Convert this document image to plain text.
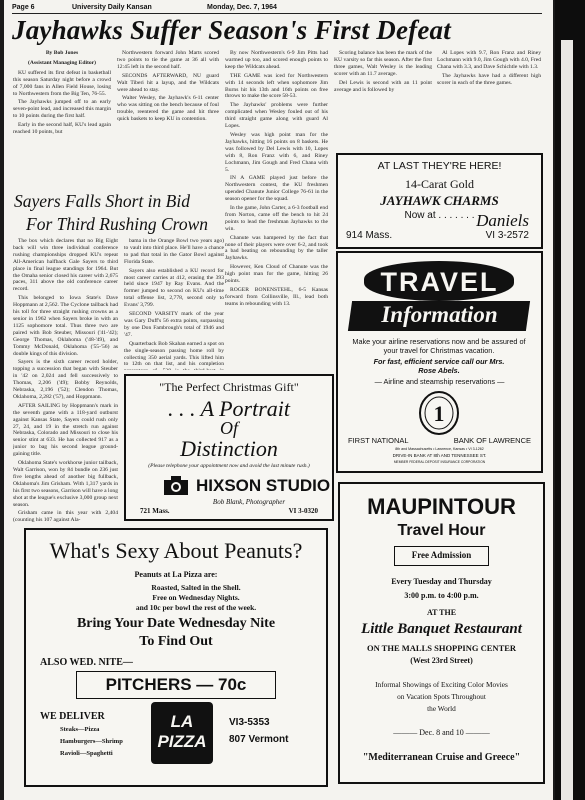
Page 6	University Daily Kansan	Monday, Dec. 7, 1964
Jayhawks Suffer Season's First Defeat

By Bob Jones

(Assistant Managing Editor)

KU suffered its first defeat in basketball this season Saturday night before a crowd of 7,000 fans in Allen Field House, losing to Northwestern from the Big Ten, 76-55.

The Jayhawks jumped off to an early seven-point lead, and increased this margin to 10 points during the first half.

Early in the second half, KU's lead again reached 10 points, but

Northwestern forward John Marts scored two points to tie the game at 36 all with 12:45 left in the second half.

SECONDS AFTERWARD, NU guard Walt Tiberi hit a layup, and the Wildcats were ahead to stay.

Walter Wesley, the Jayhawk's 6-11 center who was sitting on the bench because of foul trouble, reentered the game and hit three quick baskets to keep KU in contention.

By now Northwestern's 6-9 Jim Pitts had warmed up too, and scored enough points to keep the Wildcats ahead.

THE GAME was iced for Northwestern with 14 seconds left when sophomore Jim Burns hit his 13th and 16th points on free throws to make the score 58-53.

The Jayhawks' problems were further complicated when Wesley fouled out of his third straight game along with guard Al Lopes.

Wesley was high point man for the Jayhawks, hitting 16 points on 8 baskets. He was followed by Del Lewis with 10, Lopes with 8, Ron Franz with 6, and Riney Lochmann, Jim Gough and Fred Chana with 5.

IN A GAME played just before the Northwestern contest, the KU freshmen upended Chanute Junior College 76-61 in the season opener for the squad.

In the game, John Carter, a 6-3 football end from Norton, came off the bench to hit 24 points to lead the freshman Jayhawks to the win.

Chanute was hampered by the fact that none of their players were over 6-2, and took a bad beating on rebounding by the taller Jayhawks.

However, Ken Cloud of Chanute was the high point man for the game, hitting 26 points.

ROGER BONENSTEHL, 6-5 Kansas forward from Collinsville, Ill., lead both teams in rebounding with 13.

Scoring balance has been the mark of the KU varsity so far this season. After the first three games, Walt Wesley is the leading scorer with an 11.7 average.

Del Lewis is second with an 11 point average and is followed by

Al Lopes with 9.7, Ron Franz and Riney Lochmann with 9.0, Jim Gough with 4.0, Fred Chana with 3.3, and Dave Schichtle with 1.3.

The Jayhawks have had a different high scorer in each of the three games.

Sayers Falls Short in Bid
For Third Rushing Crown

The box which declares that no Big Eight back will win three individual conference rushing championships dropped KU's repeat All-American halfback Gale Sayers to third place in final league standings for 1964. But the Omaha senior closed his career with 2,675 paces, 311 above the old conference career record.

This belonged to Iowa State's Dave Hoppmann at 2,562. The Cyclone tailback had his toll for three straight rushing crowns as a senior in 1962 when Sayers broke in with an 1125 sophomore total. Thus three two are paired with Bob Steuber, Missouri ('41-'42); George Thomas, Oklahoma ('48-'49), and Tommy McDonald, Oklahoma ('55-'56) as double kings of this division.

Sayers is the sixth career record holder, topping a succession that began with Steuber in '42 on 2,024 and fell successively to Thomas, 2,206 ('49); Bobby Reynolds, Nebraska, 2,196 ('52); Clendon Thomas, Oklahoma, 2,282 ('57), and Hoppmann.

AFTER SAILING by Hoppmann's mark in the seventh game with a 118-yard outburst against Kansas State, Sayers could rush only 27, 24, and 19 in the stretch run against Nebraska, Colorado and Missouri to close his senior stint at 633. He has collected 917 as a junior to bag his second league ground-gaining title.

Oklahoma State's workhorse junior tailback, Walt Garrison, won by 84 bundle on 236 just five lengths ahead of another big fullback, Oklahoma's Jim Grisham. With 1,317 yards in his first two seasons, Garrison will have a long shot at the league's exclusive 3,000 group next season.

Grisham came in this year with 2,404 (counting his 107 against Ala-

bama in the Orange Bowl two years ago) to vault into third place. He'll have a chance to pad that total in the Gator Bowl against Florida State.

Sayers also established a KU record for most career carries at 412, erasing the 393 held since 1947 by Ray Evans. And the former jumped to second on KU's all-time total offense list, 2,778, second only to Evans' 3,799.

SECOND VARSITY mark of the year was Gary Duff's 56 extra points, surpassing by one Don Fambrough's total of 1946 and '47.

Quarterback Bob Skahan earned a spot on the single-season passing home roll by collecting 350 aerial yards. This lifted him to 12th on that list, and his completion

"The Perfect Christmas Gift"
. . . A Portrait
Of
Distinction
(Please telephone your appointment now and avoid the last minute rush.)
HIXSON STUDIO
Bob Blank, Photographer
721 Mass.	VI 3-0320
AT LAST THEY'RE HERE!
14-Carat Gold
JAYHAWK CHARMS
Now at . . . . . . . Daniels
914 Mass.	VI 3-2572
TRAVEL
Information
Make your airline reservations now and be assured of your travel for Christmas vacation.
For fast, efficient service call our Mrs. Rose Abels.
— Airline and steamship reservations —
1
FIRST NATIONAL	BANK OF LAWRENCE
8th and Massachusetts • Lawrence, Kansas • VI 3-1262
DRIVE-IN BANK AT 8th AND TENNESSEE ST.
MEMBER FEDERAL DEPOSIT INSURANCE CORPORATION
What's Sexy About Peanuts?
Peanuts at La Pizza are:
Roasted, Salted in the Shell.
Free on Wednesday Nights.
and 10c per bowl the rest of the week.
Bring Your Date Wednesday Nite
To Find Out
ALSO WED. NITE—
PITCHERS — 70c
WE DELIVER
Steaks—Pizza
Hamburgers—Shrimp
Ravioli—Spaghetti
LA PIZZA
VI3-5353
807 Vermont
MAUPINTOUR
Travel Hour
Free Admission
Every Tuesday and Thursday
3:00 p.m. to 4:00 p.m.
AT THE
Little Banquet Restaurant
ON THE MALLS SHOPPING CENTER
(West 23rd Street)
Informal Showings of Exciting Color Movies
on Vacation Spots Throughout
the World
——— Dec. 8 and 10 ———
"Mediterranean Cruise and Greece"
